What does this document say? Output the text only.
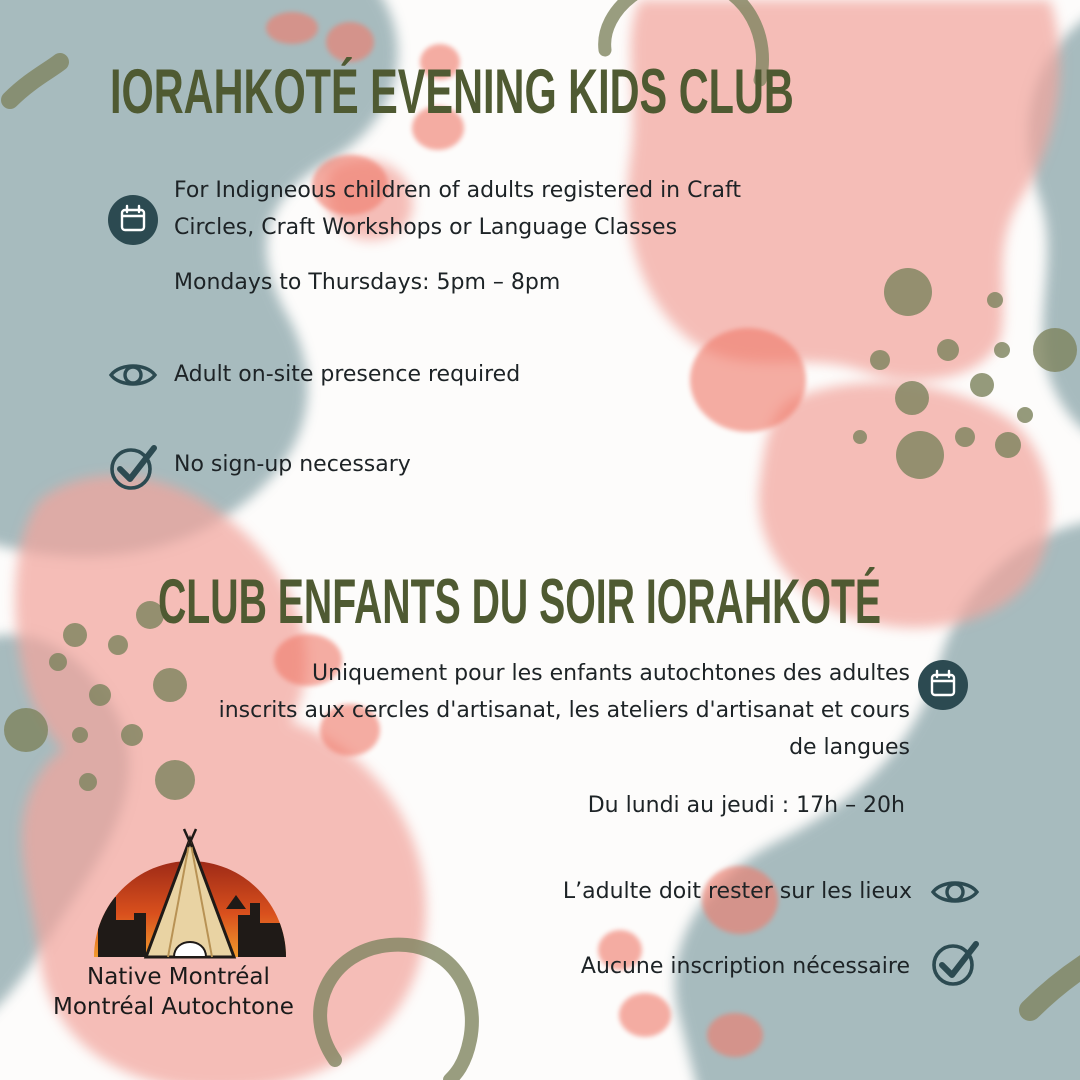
IORAHKOTÉ EVENING KIDS CLUB
For Indigneous children of adults registered in Craft
Circles, Craft Workshops or Language Classes
Mondays to Thursdays: 5pm – 8pm
Adult on-site presence required
No sign-up necessary
CLUB ENFANTS DU SOIR IORAHKOTÉ
Uniquement pour les enfants autochtones des adultes
inscrits aux cercles d'artisanat, les ateliers d'artisanat et cours
de langues
Du lundi au jeudi : 17h – 20h
L’adulte doit rester sur les lieux
Aucune inscription nécessaire
Native Montréal
Montréal Autochtone
